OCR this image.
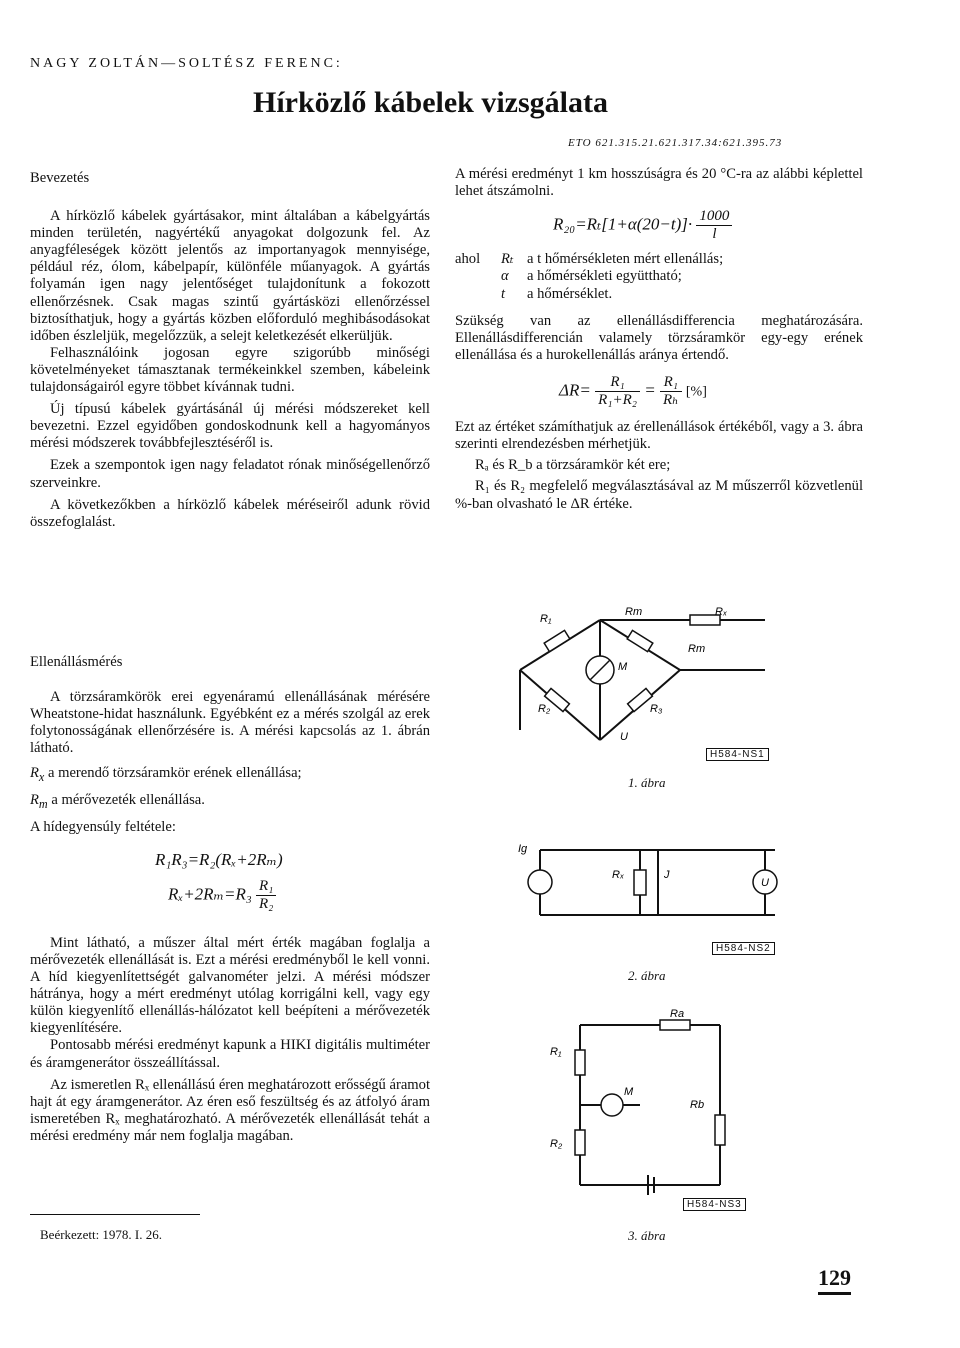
NAGY ZOLTÁN—SOLTÉSZ FERENC:
Hírközlő kábelek vizsgálata
ETO 621.315.21.621.317.34:621.395.73
Bevezetés

A hírközlő kábelek gyártásakor, mint általában a kábelgyártás minden területén, nagyértékű anyagokat dolgozunk fel. Az anyagféleségek között jelentős az importanyagok mennyisége, például réz, ólom, kábelpapír, különféle műanyagok. A gyártás folyamán igen nagy jelentőséget tulajdonítunk a fokozott ellenőrzésnek. Csak magas szintű gyártásközi ellenőrzéssel biztosíthatjuk, hogy a gyártás közben előforduló meghibásodásokat időben észleljük, megelőzzük, a selejt keletkezését elkerüljük.

Felhasználóink jogosan egyre szigorúbb minőségi követelményeket támasztanak termékeinkkel szemben, kábeleink tulajdonságairól egyre többet kívánnak tudni.

Új típusú kábelek gyártásánál új mérési módszereket kell bevezetni. Ezzel egyidőben gondoskodnunk kell a hagyományos mérési módszerek továbbfejlesztéséről is.

Ezek a szempontok igen nagy feladatot rónak minőségellenőrző szerveinkre.

A következőkben a hírközlő kábelek méréseiről adunk rövid összefoglalást.

Ellenállásmérés

A törzsáramkörök erei egyenáramú ellenállásának mérésére Wheatstone-hidat használunk. Egyébként ez a mérés szolgál az erek folytonosságának ellenőrzésére is. A mérési kapcsolás az 1. ábrán látható.

$R_x$ a merendő törzsáramkör erének ellenállása;

$R_m$ a mérővezeték ellenállása.

A hídegyensúly feltétele:

R₁R₃=R₂(Rₓ+2Rₘ)
$R_x+2R_m=R_3 \frac{\text{R₁}}{\text{R₂}}$

Mint látható, a műszer által mért érték magában foglalja a mérővezeték ellenállását is. Ezt a mérési eredményből le kell vonni. A híd kiegyenlítettségét galvanométer jelzi. A mérési módszer hátránya, hogy a mért eredményt utólag korrigálni kell, vagy egy külön kiegyenlítő ellenállás-hálózatot kell beépíteni a mérővezeték kiegyenlítésére.

Pontosabb mérési eredményt kapunk a HIKI digitális multiméter és áramgenerátor összeállítással.

Az ismeretlen Rₓ ellenállású éren meghatározott erősségű áramot hajt át egy áramgenerátor. Az éren eső feszültség és az átfolyó áram ismeretében Rₓ meghatározható. A mérővezeték ellenállását tehát a mérési eredmény már nem foglalja magában.

Beérkezett: 1978. I. 26.

A mérési eredményt 1 km hosszúságra és 20 °C-ra az alábbi képlettel lehet átszámolni.

$R_{20}=R_t[1+\alpha(20-t)]\cdot \frac{1000}{l}$
ahol	Rₜ	a t hőmérsékleten mért ellenállás;
	α	a hőmérsékleti együttható;
	t	a hőmérséklet.

Szükség van az ellenállásdifferencia meghatározására. Ellenállásdifferencián valamely törzsáramkör egy-egy erének ellenállása és a hurokellenállás aránya értendő.

$\Delta R= \frac{\text{R₁}}{\text{R₁+R₂}} = \frac{\text{R₁}}{\text{Rₕ}}$ [%]

Ezt az értéket számíthatjuk az érellenállások értékéből, vagy a 3. ábra szerinti elrendezésben mérhetjük.

Rₐ és R_b a törzsáramkör két ere;

R₁ és R₂ megfelelő megválasztásával az M műszerről közvetlenül %-ban olvasható le ΔR értéke.

R₁
R₂	R₃
Rm	Rₓ
Rm
M
U
1. ábra
H584-NS1
Ig
Rₓ	J
U
2. ábra
H584-NS2
R₁
R₂
M
Ra
Rb
3. ábra
H584-NS3
129
